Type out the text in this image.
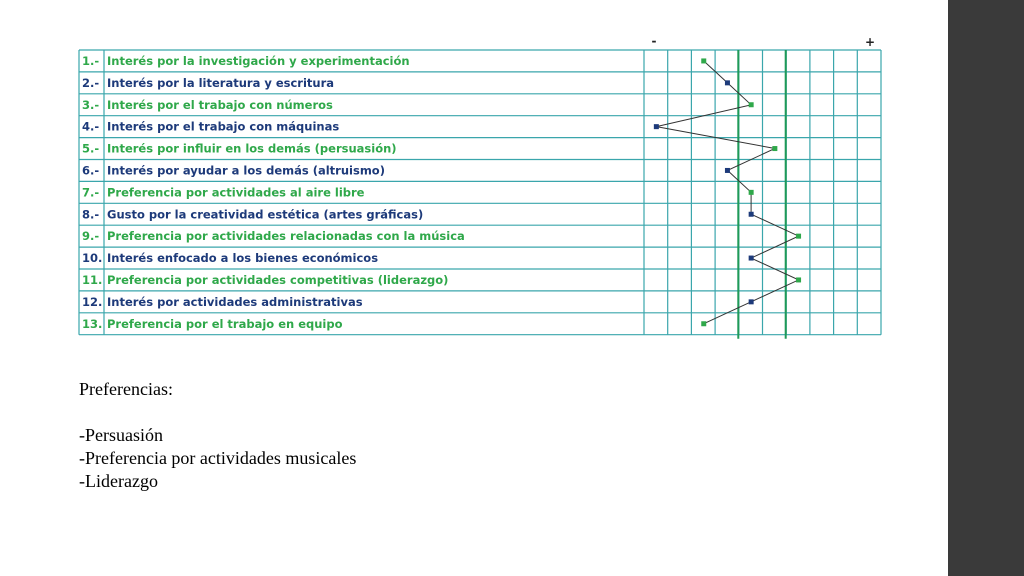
-	+
1.- Interés por la investigación y experimentación
2.- Interés por la literatura y escritura
3.- Interés por el trabajo con números
4.- Interés por el trabajo con máquinas
5.- Interés por influir en los demás (persuasión)
6.- Interés por ayudar a los demás (altruismo)
7.- Preferencia por actividades al aire libre
8.- Gusto por la creatividad estética (artes gráficas)
9.- Preferencia por actividades relacionadas con la música
10. Interés enfocado a los bienes económicos
11. Preferencia por actividades competitivas (liderazgo)
12. Interés por actividades administrativas
13. Preferencia por el trabajo en equipo
Preferencias:
-Persuasión
-Preferencia por actividades musicales
-Liderazgo
